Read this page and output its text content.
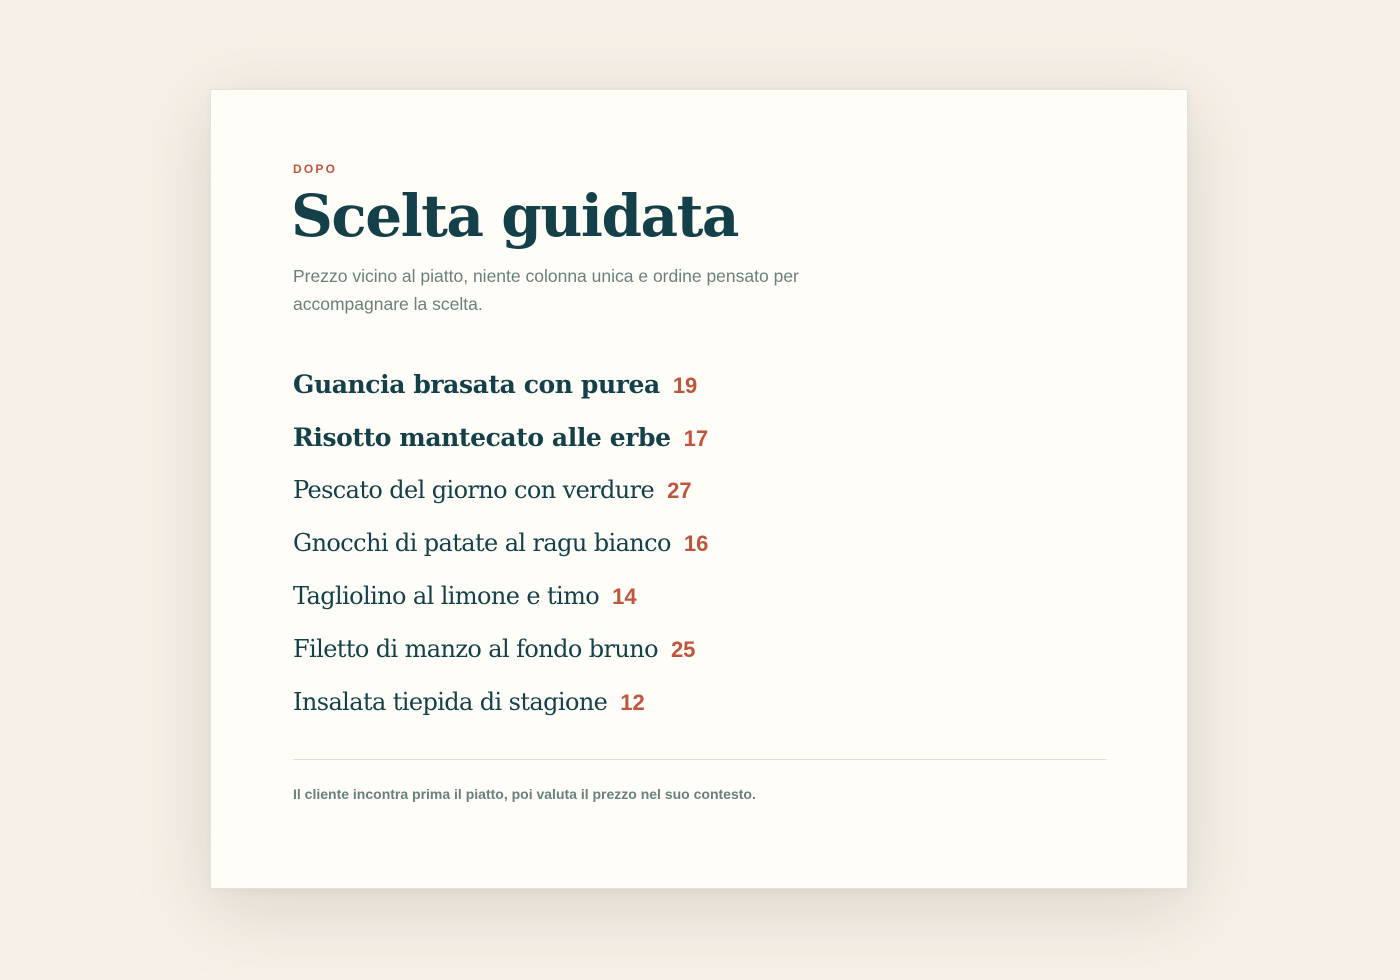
DOPO

Scelta guidata

Prezzo vicino al piatto, niente colonna unica e ordine pensato per accompagnare la scelta.

Guancia brasata con purea 19
Risotto mantecato alle erbe 17
Pescato del giorno con verdure 27
Gnocchi di patate al ragu bianco 16
Tagliolino al limone e timo 14
Filetto di manzo al fondo bruno 25
Insalata tiepida di stagione 12

Il cliente incontra prima il piatto, poi valuta il prezzo nel suo contesto.
